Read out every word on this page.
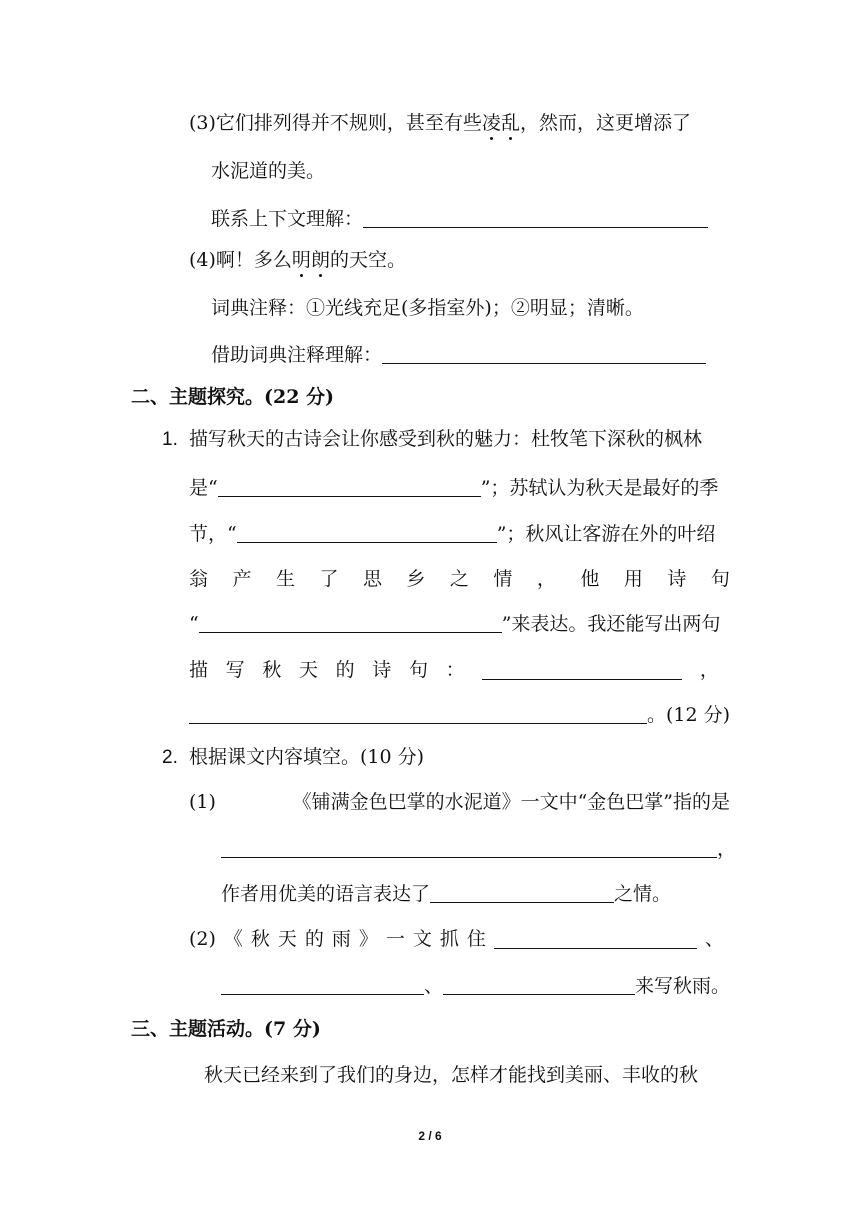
(3)它们排列得并不规则，甚至有些凌乱，然而，这更增添了
水泥道的美。
联系上下文理解：
(4)啊！多么明朗的天空。
词典注释：①光线充足(多指室外)；②明显；清晰。
借助词典注释理解：
二、主题探究。(22 分)
1. 描写秋天的古诗会让你感受到秋的魅力：杜牧笔下深秋的枫林
是“	”；苏轼认为秋天是最好的季
节，“	”；秋风让客游在外的叶绍
翁 产 生 了 思 乡 之 情 ， 他 用 诗 句
“	”来表达。我还能写出两句
描 写 秋 天 的 诗 句 ：	，
。(12 分)
2. 根据课文内容填空。(10 分)
(1)	《铺满金色巴掌的水泥道》一文中“金色巴掌”指的是
，
作者用优美的语言表达了	之情。
(2) 《 秋 天 的 雨 》 一 文 抓 住	、
、	来写秋雨。
三、主题活动。(7 分)
秋天已经来到了我们的身边，怎样才能找到美丽、丰收的秋
2 / 6
